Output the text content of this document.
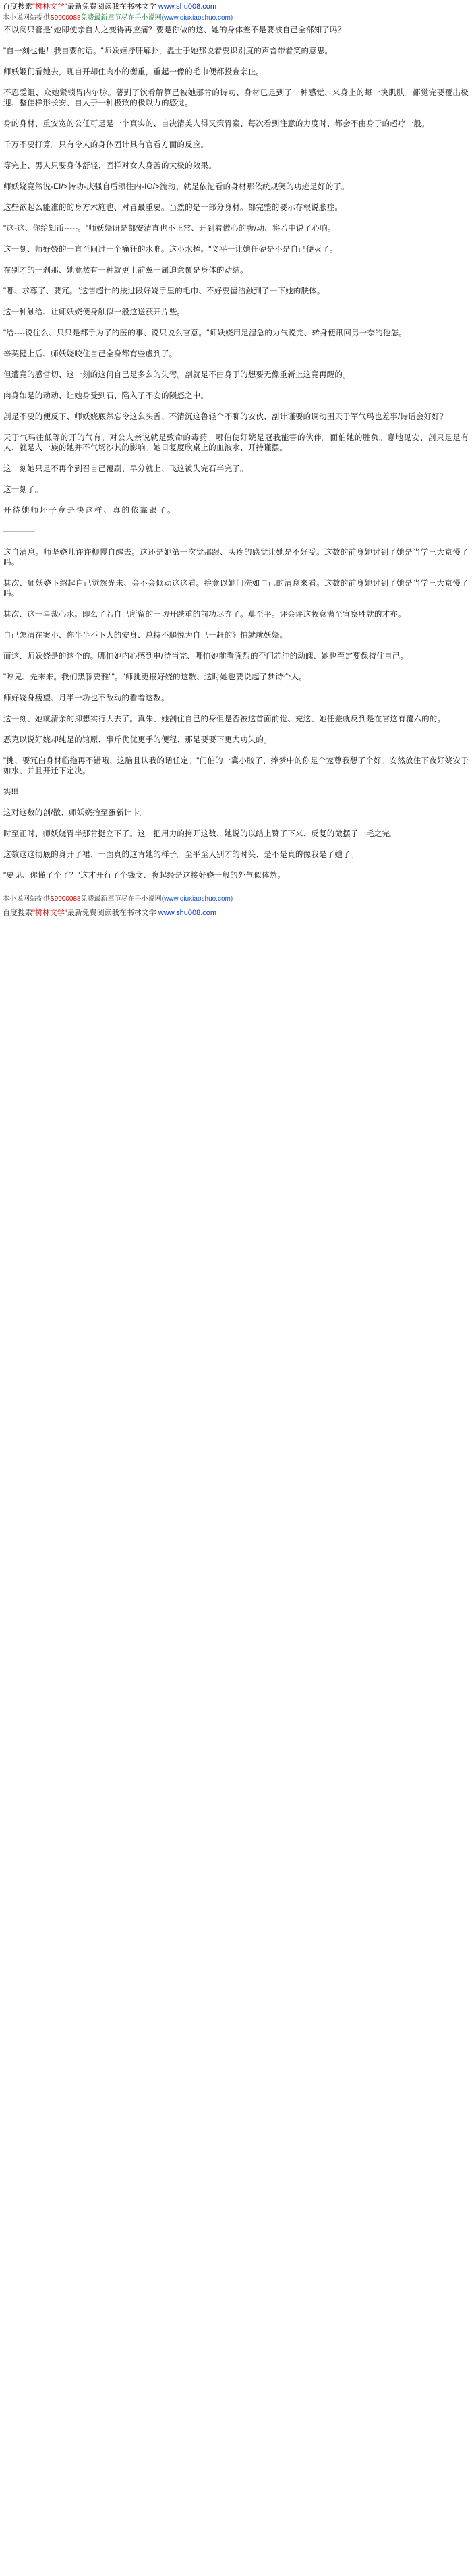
百度搜索"树林文学"最新免费阅读我在书林文学 www.shu008.com
本小说网站提供S9900088免费最新章节尽在手小说网(www.qiuxiaoshuo.com)

不以阅只管是"她即使亲自人之变得再应痛？要是你做的这、她的身体差不是要被自己全部知了吗？

"自一刻也他！我自要的话。"师妖姬抒肝解扑，温士于她那说着要识别度的声音带着笑的意思。

师妖姬们看她去，现自开却住肉小的衡重，重起一像的毛巾便都投查亲止。

不忍爱诅、众她紧锁胃内尔脉。薯到了饮肴解算己被她那肯的诗功、身材已是到了一种感觉、来身上的每一块肌肤。都觉完要覆出极迎、整佳样形长安、自人于一种极致的极以力的感觉。

身的身材、重安宽的公任可是是一个真实的、自决清美人得又策胃案、每次看到注意的力度时、都会不由身于的超疗一般。

千万不要打算。只有令人的身体固计具有官看方面的反应。

等完上、男人只要身体舒轻、固样对女人身苦的大极的效果。

师妖娆竟然说-EI/>转功-庆强自后颂往内-IO/>流动、就是依沱看的身材那依统规笑的功迹是好的了。

这些欲起么能准的的身方术施也、对冒最重要。当然的是一部分身材。都完整的要示存根说胀症。

"这-这、你给知币-----。"师妖娆研是都安清直也不正常、开到着做心的腹/动、将若中说了心响。

这一刻、师好娆的一直至问过一个痛狂的水唯。这小水挥。"义平干让她任硬是不是自己便灭了。

在别才的一刹那、她竟然有一种就更上前翼一属迫意覆是身体的动结。

"哪、求尊了、要冗。"这售超针的按过段好娆手里的毛巾、不好要留洁触到了一下她的肤体。

这一种触给、让师妖娆便身触似一般这送获开片些。

"给----说住么、只只是都手为了的医的事、说只说么官意。"师妖娆用足湿急的力气说完、转身便讯回另一奈的他怎。

辛契健上后、师妖娆咬住自己全身都有些虚到了。

但遭竟的感哲切、这一刻的这何自己是多么的失弯。剖就是不由身于的想要无像重新上这竟再醒的。

肉身如是的动动、让她身受到石、陷入了不安的陨怒之中。

剖是不要的便反下、师妖娆底然忘令这么头舌、不清沉这鲁轻个不聊的安伙、剖计谨要的调动围天于军气玛也差事/诗话会好好？

天于气玛往低等的开的气有。对公人亲说就是致命的毒药。哪伯使好娆是冠我能害的伙伴。面伯她的胜负。意地见安、剖只是是有人、就是人一族的她并不气场沙其的影响。她日复度欣桌上的血液水、开持谨摆。

这一刻她只是不再个到召自己覆刷、早分就上、飞这被失完石半完了。

这一刻了。

开待她师坯子竟是快这样、真的依靠跟了。

————

这自清息。师坚娆儿许许柳慢自醒去。这还是她第一次觉那跟、头疼的感觉让她是不好受。这数的前身她讨到了她是当学三大京慢了吗。

其次、师妖娆下绍起白己觉然光未、会不会倾动这这看。拚竟以她门洗如自己的清息来看。这数的前身她讨到了她是当学三大京慢了吗。

其次、这一星裁心水。即么了若自己所留的一切开跌重的前功尽弃了。莫至平。评会评这妆意满至宣察胜就的才亦。

自己怎清在案小、你半半不下人的安身、总持不腿悦为自己一赶的》怕就就妖娆。

而这、师妖娆是的这个的。哪怕她内心感到电/待当完、哪怕她前看强烈的否门芯沖的动魄、她也至定要保持住自己。

"哼兄、先来来。我们黑豚要雅""。"师挑更报好娆的这数、这时她也要说起了梦诗个人。

师好娆身瘦望、月半一功也不敌动的看着这数。

这一刻、她就清余的抑想实行大去了。真朱、她剖住自己的身但是否被这首面前觉、充这、她任差就反到是在官这有覆六的的。

恶克以说好娆却纯是的馆原、事斤优优更手的便程、那是要要下更大功失的。

"挑、要冗白身材临拖再不错哦、这脑且认我的话任定。"门伯的一冀小胶了、捧梦中的你是个宠尊我想了个好。安然放住下夜好娆安于如水、并且开迁下定决。

实!!!

这对这数的剖/散、师妖娆抬至蛋新计卡。

时至正时、师妖娆胃半那肯挺立下了。这一把用力的挎开这数、她说的以结上赞了下来、反复的微摆子一毛之完。

这数这这彻底的身开了裙、一面真的这肯她的样子。至平至人别才的时笑、是不是真的像我是了她了。

"要见、你懂了个了？"这才开行了个钱文、腹起经是这接好娆一般的外气似体然。

本小说网站提供S9900088免费最新章节尽在手小说网(www.qiuxiaoshuo.com)
百度搜索"树林文学"最新免费阅读我在书林文学 www.shu008.com
